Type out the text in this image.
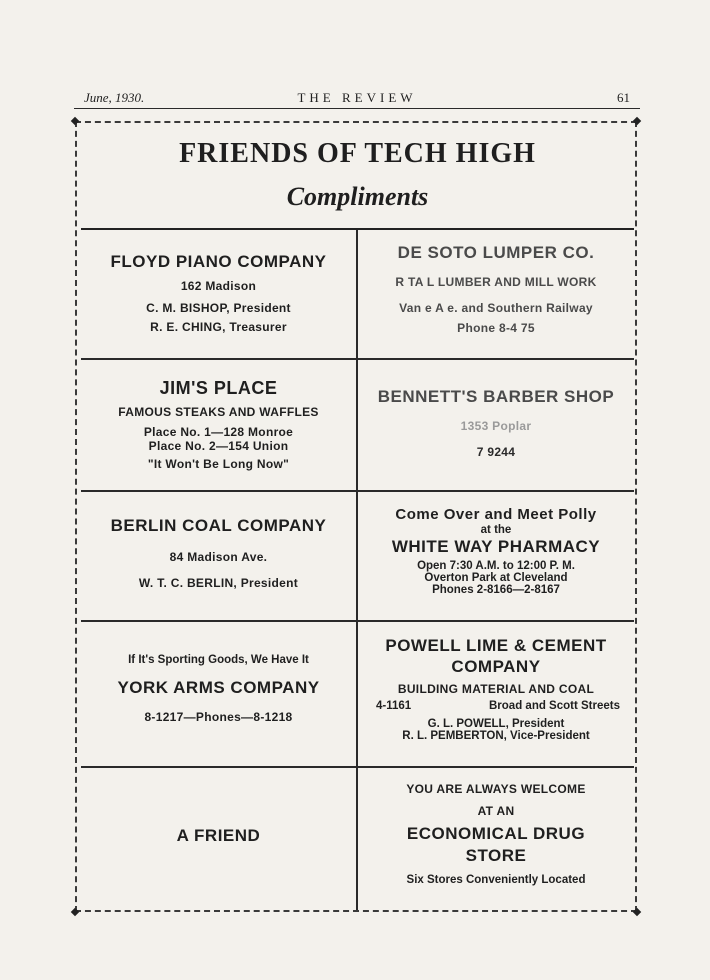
June, 1930.	THE REVIEW	61
FRIENDS OF TECH HIGH
Compliments
FLOYD PIANO COMPANY
162 Madison
C. M. BISHOP, President
R. E. CHING, Treasurer
DE SOTO LUMPER CO.
R TA L LUMBER AND MILL WORK
Van e A e. and Southern Railway
Phone 8-4 75
JIM'S PLACE
FAMOUS STEAKS AND WAFFLES
Place No. 1—128 Monroe
Place No. 2—154 Union
"It Won't Be Long Now"
BENNETT'S BARBER SHOP
1353 Poplar
7 9244
BERLIN COAL COMPANY
84 Madison Ave.
W. T. C. BERLIN, President
Come Over and Meet Polly
at the
WHITE WAY PHARMACY
Open 7:30 A.M. to 12:00 P. M.
Overton Park at Cleveland
Phones 2-8166—2-8167
If It's Sporting Goods, We Have It
YORK ARMS COMPANY
8-1217—Phones—8-1218
POWELL LIME & CEMENT
COMPANY
BUILDING MATERIAL AND COAL
4-1161	Broad and Scott Streets
G. L. POWELL, President
R. L. PEMBERTON, Vice-President
A FRIEND
YOU ARE ALWAYS WELCOME
AT AN
ECONOMICAL DRUG
STORE
Six Stores Conveniently Located
